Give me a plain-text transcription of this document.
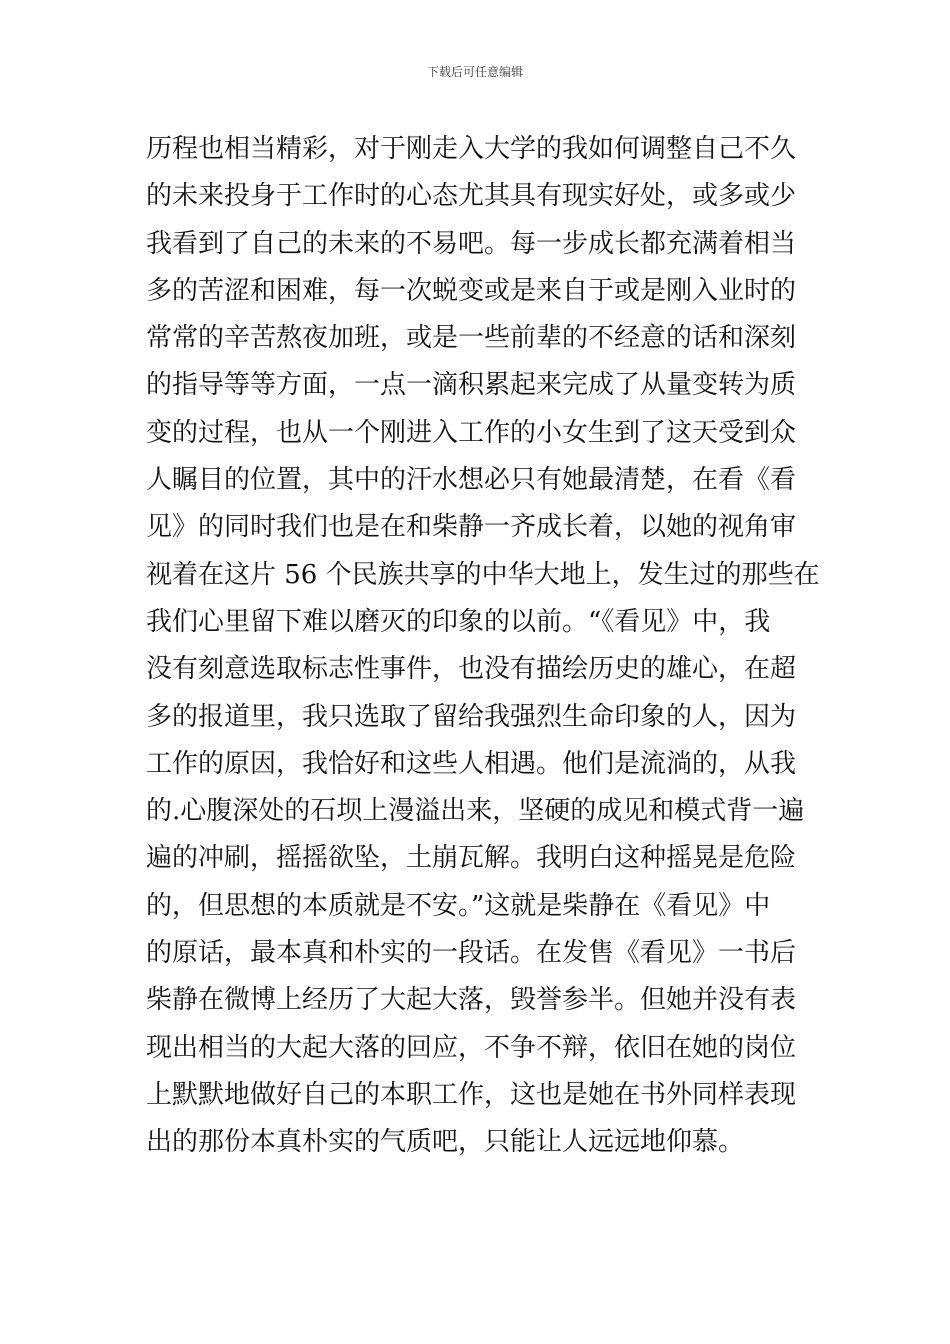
下载后可任意编辑
历程也相当精彩，对于刚走入大学的我如何调整自己不久
的未来投身于工作时的心态尤其具有现实好处，或多或少
我看到了自己的未来的不易吧。每一步成长都充满着相当
多的苦涩和困难，每一次蜕变或是来自于或是刚入业时的
常常的辛苦熬夜加班，或是一些前辈的不经意的话和深刻
的指导等等方面，一点一滴积累起来完成了从量变转为质
变的过程，也从一个刚进入工作的小女生到了这天受到众
人瞩目的位置，其中的汗水想必只有她最清楚，在看《看
见》的同时我们也是在和柴静一齐成长着，以她的视角审
视着在这片 56 个民族共享的中华大地上，发生过的那些在
我们心里留下难以磨灭的印象的以前。“《看见》中，我
没有刻意选取标志性事件，也没有描绘历史的雄心，在超
多的报道里，我只选取了留给我强烈生命印象的人，因为
工作的原因，我恰好和这些人相遇。他们是流淌的，从我
的.心腹深处的石坝上漫溢出来，坚硬的成见和模式背一遍
遍的冲刷，摇摇欲坠，土崩瓦解。我明白这种摇晃是危险
的，但思想的本质就是不安。”这就是柴静在《看见》中
的原话，最本真和朴实的一段话。在发售《看见》一书后
柴静在微博上经历了大起大落，毁誉参半。但她并没有表
现出相当的大起大落的回应，不争不辩，依旧在她的岗位
上默默地做好自己的本职工作，这也是她在书外同样表现
出的那份本真朴实的气质吧，只能让人远远地仰慕。
